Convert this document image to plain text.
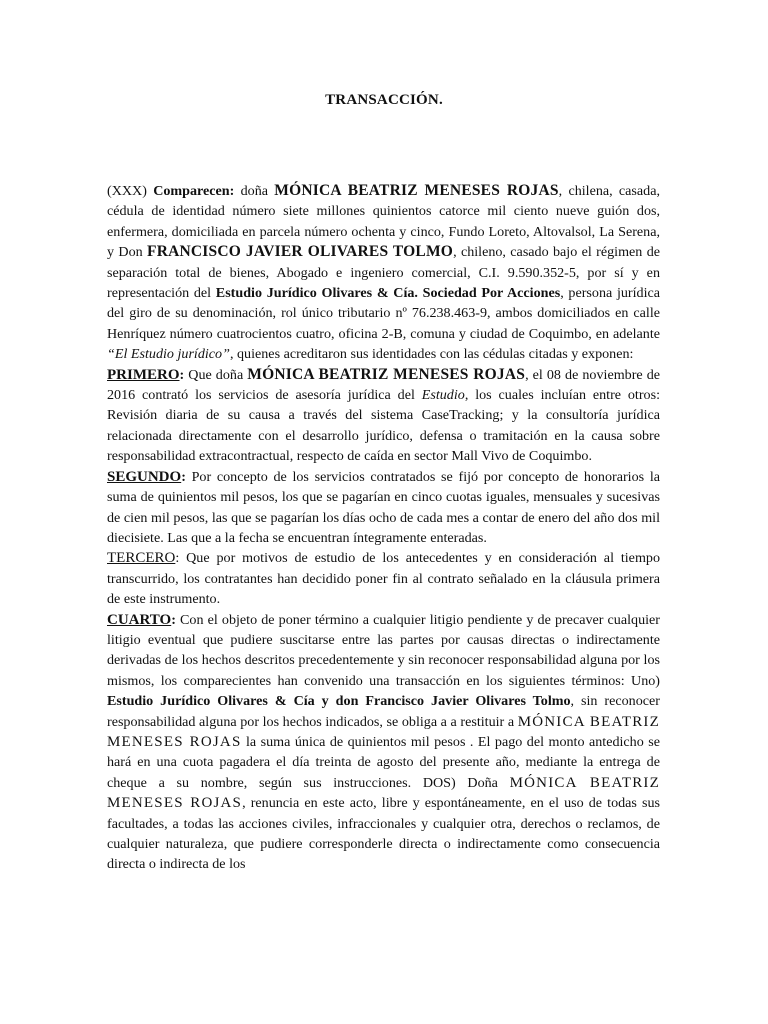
TRANSACCIÓN.

(XXX) Comparecen: doña MÓNICA BEATRIZ MENESES ROJAS, chilena, casada, cédula de identidad número siete millones quinientos catorce mil ciento nueve guión dos, enfermera, domiciliada en parcela número ochenta y cinco, Fundo Loreto, Altovalsol, La Serena, y Don FRANCISCO JAVIER OLIVARES TOLMO, chileno, casado bajo el régimen de separación total de bienes, Abogado e ingeniero comercial, C.I. 9.590.352-5, por sí y en representación del Estudio Jurídico Olivares & Cía. Sociedad Por Acciones, persona jurídica del giro de su denominación, rol único tributario nº 76.238.463-9, ambos domiciliados en calle Henríquez número cuatrocientos cuatro, oficina 2-B, comuna y ciudad de Coquimbo, en adelante “El Estudio jurídico”, quienes acreditaron sus identidades con las cédulas citadas y exponen:

PRIMERO: Que doña MÓNICA BEATRIZ MENESES ROJAS, el 08 de noviembre de 2016 contrató los servicios de asesoría jurídica del Estudio, los cuales incluían entre otros: Revisión diaria de su causa a través del sistema CaseTracking; y la consultoría jurídica relacionada directamente con el desarrollo jurídico, defensa o tramitación en la causa sobre responsabilidad extracontractual, respecto de caída en sector Mall Vivo de Coquimbo.

SEGUNDO: Por concepto de los servicios contratados se fijó por concepto de honorarios la suma de quinientos mil pesos, los que se pagarían en cinco cuotas iguales, mensuales y sucesivas de cien mil pesos, las que se pagarían los días ocho de cada mes a contar de enero del año dos mil diecisiete. Las que a la fecha se encuentran íntegramente enteradas.

TERCERO: Que por motivos de estudio de los antecedentes y en consideración al tiempo transcurrido, los contratantes han decidido poner fin al contrato señalado en la cláusula primera de este instrumento.

CUARTO: Con el objeto de poner término a cualquier litigio pendiente y de precaver cualquier litigio eventual que pudiere suscitarse entre las partes por causas directas o indirectamente derivadas de los hechos descritos precedentemente y sin reconocer responsabilidad alguna por los mismos, los comparecientes han convenido una transacción en los siguientes términos: Uno) Estudio Jurídico Olivares & Cía y don Francisco Javier Olivares Tolmo, sin reconocer responsabilidad alguna por los hechos indicados, se obliga a a restituir a MÓNICA BEATRIZ MENESES ROJAS la suma única de quinientos mil pesos . El pago del monto antedicho se hará en una cuota pagadera el día treinta de agosto del presente año, mediante la entrega de cheque a su nombre, según sus instrucciones. DOS) Doña MÓNICA BEATRIZ MENESES ROJAS, renuncia en este acto, libre y espontáneamente, en el uso de todas sus facultades, a todas las acciones civiles, infraccionales y cualquier otra, derechos o reclamos, de cualquier naturaleza, que pudiere corresponderle directa o indirectamente como consecuencia directa o indirecta de los
